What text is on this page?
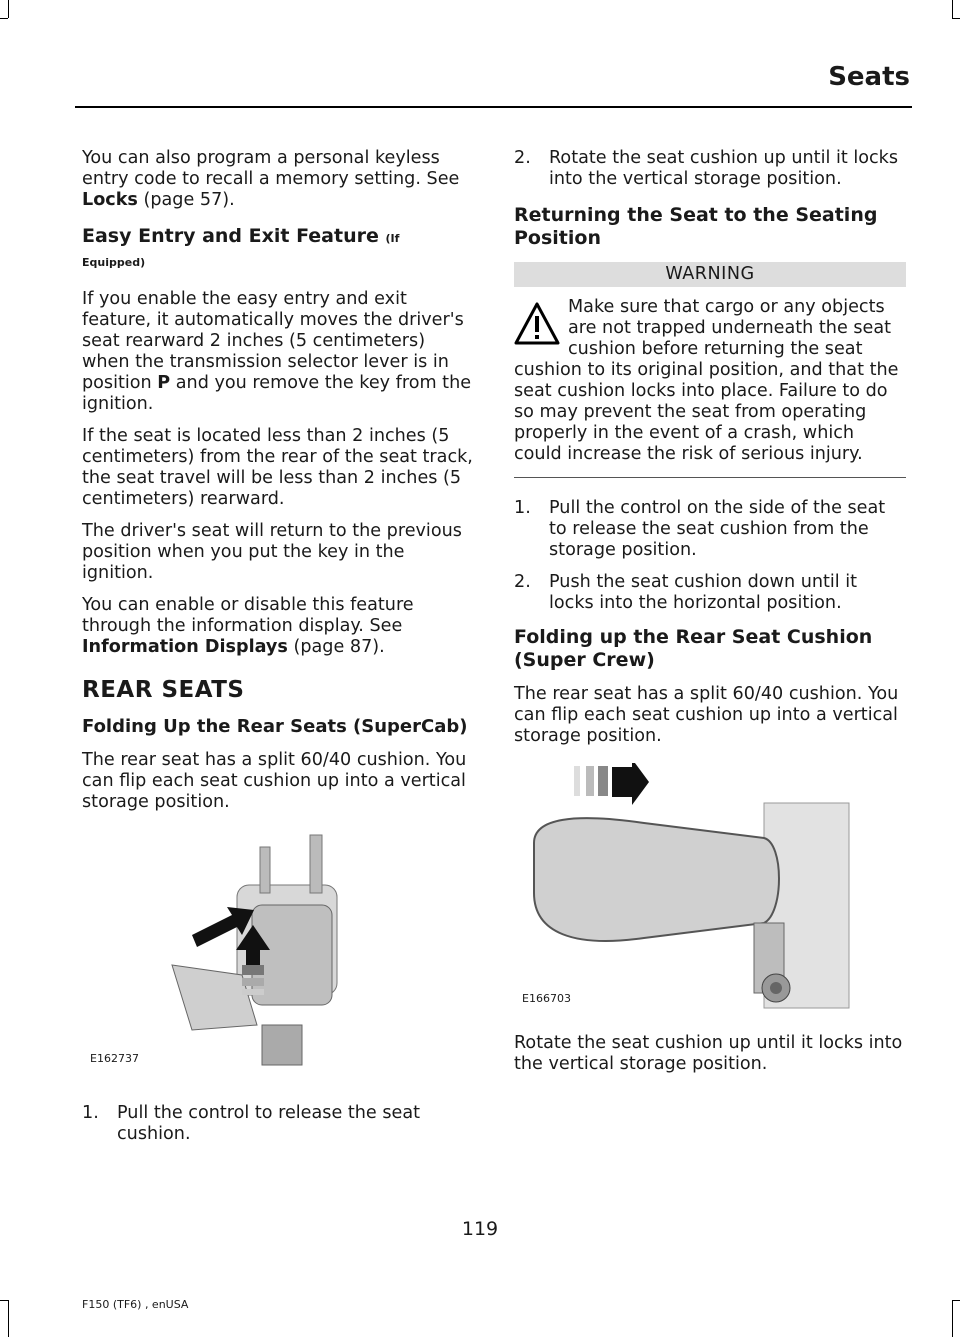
Seats

You can also program a personal keyless entry code to recall a memory setting. See
Locks (page 57).

Easy Entry and Exit Feature (If
Equipped)

If you enable the easy entry and exit feature, it automatically moves the driver's seat rearward 2 inches (5 centimeters) when the transmission selector lever is in position P and you remove the key from the ignition.

If the seat is located less than 2 inches (5 centimeters) from the rear of the seat track, the seat travel will be less than 2 inches (5 centimeters) rearward.

The driver's seat will return to the previous position when you put the key in the ignition.

You can enable or disable this feature through the information display. See
Information Displays (page 87).

REAR SEATS
Folding Up the Rear Seats (SuperCab)

The rear seat has a split 60/40 cushion. You can flip each seat cushion up into a vertical storage position.

E162737
1.	Pull the control to release the seat cushion.
2.	Rotate the seat cushion up until it locks into the vertical storage position.
Returning the Seat to the Seating Position
WARNING
Make sure that cargo or any objects are not trapped underneath the seat cushion before returning the seat cushion to its original position, and that the seat cushion locks into place. Failure to do so may prevent the seat from operating properly in the event of a crash, which could increase the risk of serious injury.
1.	Pull the control on the side of the seat to release the seat cushion from the storage position.
2.	Push the seat cushion down until it locks into the horizontal position.
Folding up the Rear Seat Cushion (Super Crew)

The rear seat has a split 60/40 cushion. You can flip each seat cushion up into a vertical storage position.

E166703

Rotate the seat cushion up until it locks into the vertical storage position.

119
F150 (TF6) , enUSA
